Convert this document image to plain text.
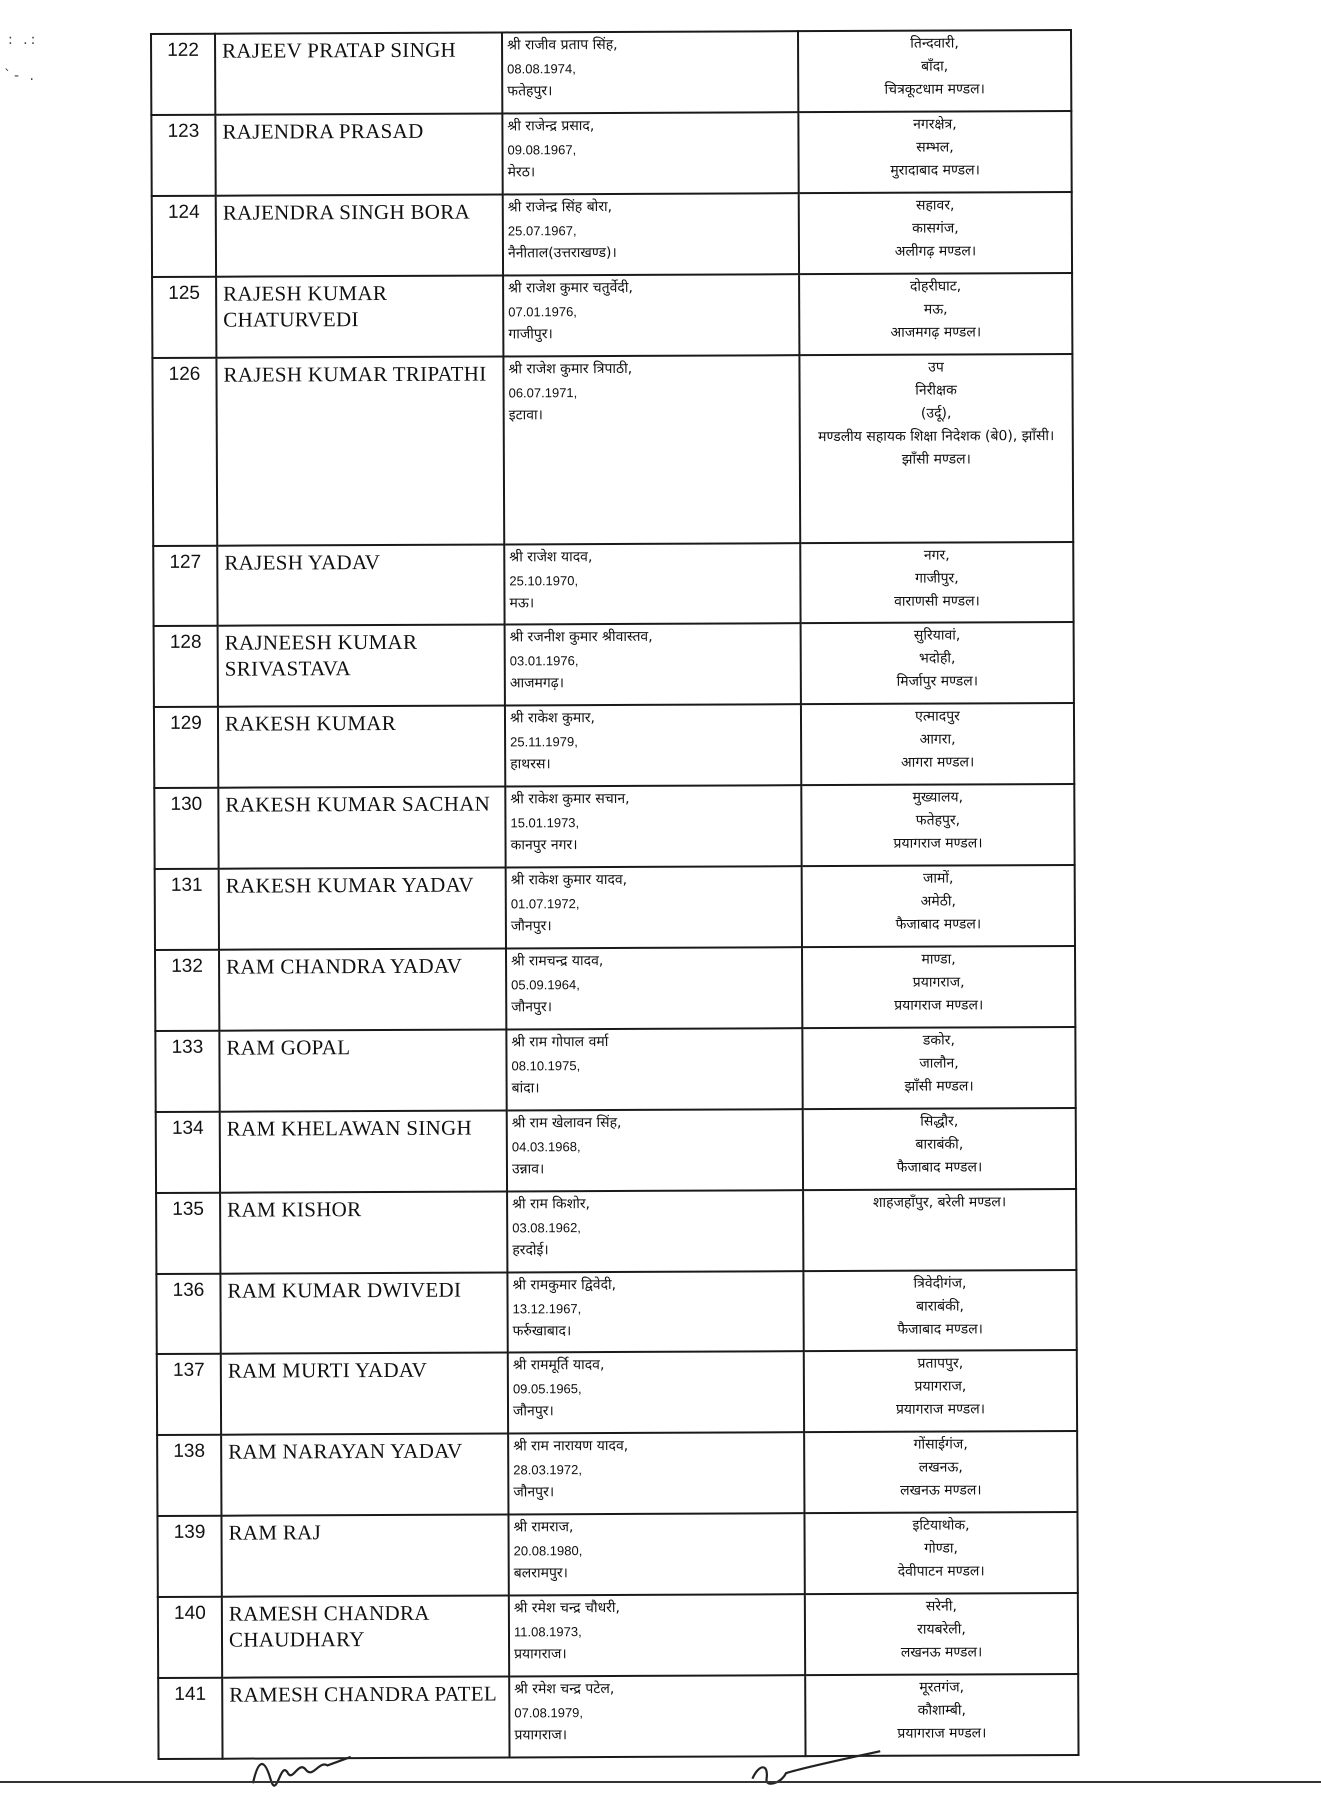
: .:
`- .
122	RAJEEV PRATAP SINGH	श्री राजीव प्रताप सिंह,
08.08.1974,
फतेहपुर।	तिन्दवारी,
बाँदा,
चित्रकूटधाम मण्डल।

123	RAJENDRA PRASAD	श्री राजेन्द्र प्रसाद,
09.08.1967,
मेरठ।	नगरक्षेत्र,
सम्भल,
मुरादाबाद मण्डल।

124	RAJENDRA SINGH BORA	श्री राजेन्द्र सिंह बोरा,
25.07.1967,
नैनीताल(उत्तराखण्ड)।	सहावर,
कासगंज,
अलीगढ़ मण्डल।

125	RAJESH KUMAR CHATURVEDI	श्री राजेश कुमार चतुर्वेदी,
07.01.1976,
गाजीपुर।	दोहरीघाट,
मऊ,
आजमगढ़ मण्डल।

126	RAJESH KUMAR TRIPATHI	श्री राजेश कुमार त्रिपाठी,
06.07.1971,
इटावा।	उप
निरीक्षक
(उर्दू),
मण्डलीय सहायक शिक्षा निदेशक (बे0), झाँसी।
झाँसी मण्डल।

127	RAJESH YADAV	श्री राजेश यादव,
25.10.1970,
मऊ।	नगर,
गाजीपुर,
वाराणसी मण्डल।

128	RAJNEESH KUMAR SRIVASTAVA	श्री रजनीश कुमार श्रीवास्तव,
03.01.1976,
आजमगढ़।	सुरियावां,
भदोही,
मिर्जापुर मण्डल।

129	RAKESH KUMAR	श्री राकेश कुमार,
25.11.1979,
हाथरस।	एत्मादपुर
आगरा,
आगरा मण्डल।

130	RAKESH KUMAR SACHAN	श्री राकेश कुमार सचान,
15.01.1973,
कानपुर नगर।	मुख्यालय,
फतेहपुर,
प्रयागराज मण्डल।

131	RAKESH KUMAR YADAV	श्री राकेश कुमार यादव,
01.07.1972,
जौनपुर।	जामों,
अमेठी,
फैजाबाद मण्डल।

132	RAM CHANDRA YADAV	श्री रामचन्द्र यादव,
05.09.1964,
जौनपुर।	माण्डा,
प्रयागराज,
प्रयागराज मण्डल।

133	RAM GOPAL	श्री राम गोपाल वर्मा
08.10.1975,
बांदा।	डकोर,
जालौन,
झाँसी मण्डल।

134	RAM KHELAWAN SINGH	श्री राम खेलावन सिंह,
04.03.1968,
उन्नाव।	सिद्धौर,
बाराबंकी,
फैजाबाद मण्डल।

135	RAM KISHOR	श्री राम किशोर,
03.08.1962,
हरदोई।	शाहजहाँपुर, बरेली मण्डल।

136	RAM KUMAR DWIVEDI	श्री रामकुमार द्विवेदी,
13.12.1967,
फर्रुखाबाद।	त्रिवेदीगंज,
बाराबंकी,
फैजाबाद मण्डल।

137	RAM MURTI YADAV	श्री राममूर्ति यादव,
09.05.1965,
जौनपुर।	प्रतापपुर,
प्रयागराज,
प्रयागराज मण्डल।

138	RAM NARAYAN YADAV	श्री राम नारायण यादव,
28.03.1972,
जौनपुर।	गोंसाईगंज,
लखनऊ,
लखनऊ मण्डल।

139	RAM RAJ	श्री रामराज,
20.08.1980,
बलरामपुर।	इटियाथोक,
गोण्डा,
देवीपाटन मण्डल।

140	RAMESH CHANDRA CHAUDHARY	श्री रमेश चन्द्र चौधरी,
11.08.1973,
प्रयागराज।	सरेनी,
रायबरेली,
लखनऊ मण्डल।

141	RAMESH CHANDRA PATEL	श्री रमेश चन्द्र पटेल,
07.08.1979,
प्रयागराज।	मूरतगंज,
कौशाम्बी,
प्रयागराज मण्डल।
